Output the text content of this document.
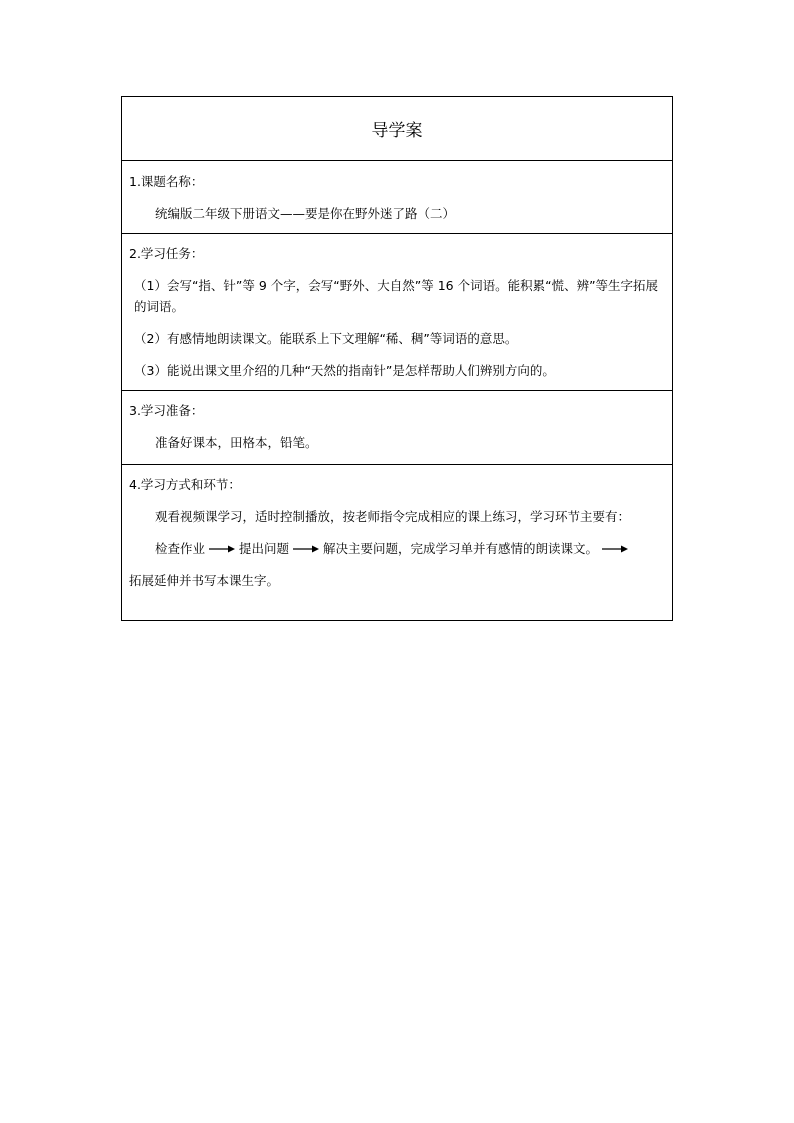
导学案
1.课题名称：
统编版二年级下册语文——要是你在野外迷了路（二）
2.学习任务：
（1）会写“指、针”等 9 个字，会写“野外、大自然”等 16 个词语。能积累“慌、辨”等生字拓展的词语。
（2）有感情地朗读课文。能联系上下文理解“稀、稠”等词语的意思。
（3）能说出课文里介绍的几种“天然的指南针”是怎样帮助人们辨别方向的。
3.学习准备：
准备好课本，田格本，铅笔。
4.学习方式和环节：
观看视频课学习，适时控制播放，按老师指令完成相应的课上练习，学习环节主要有：
检查作业	提出问题	解决主要问题，完成学习单并有感情的朗读课文。
拓展延伸并书写本课生字。
